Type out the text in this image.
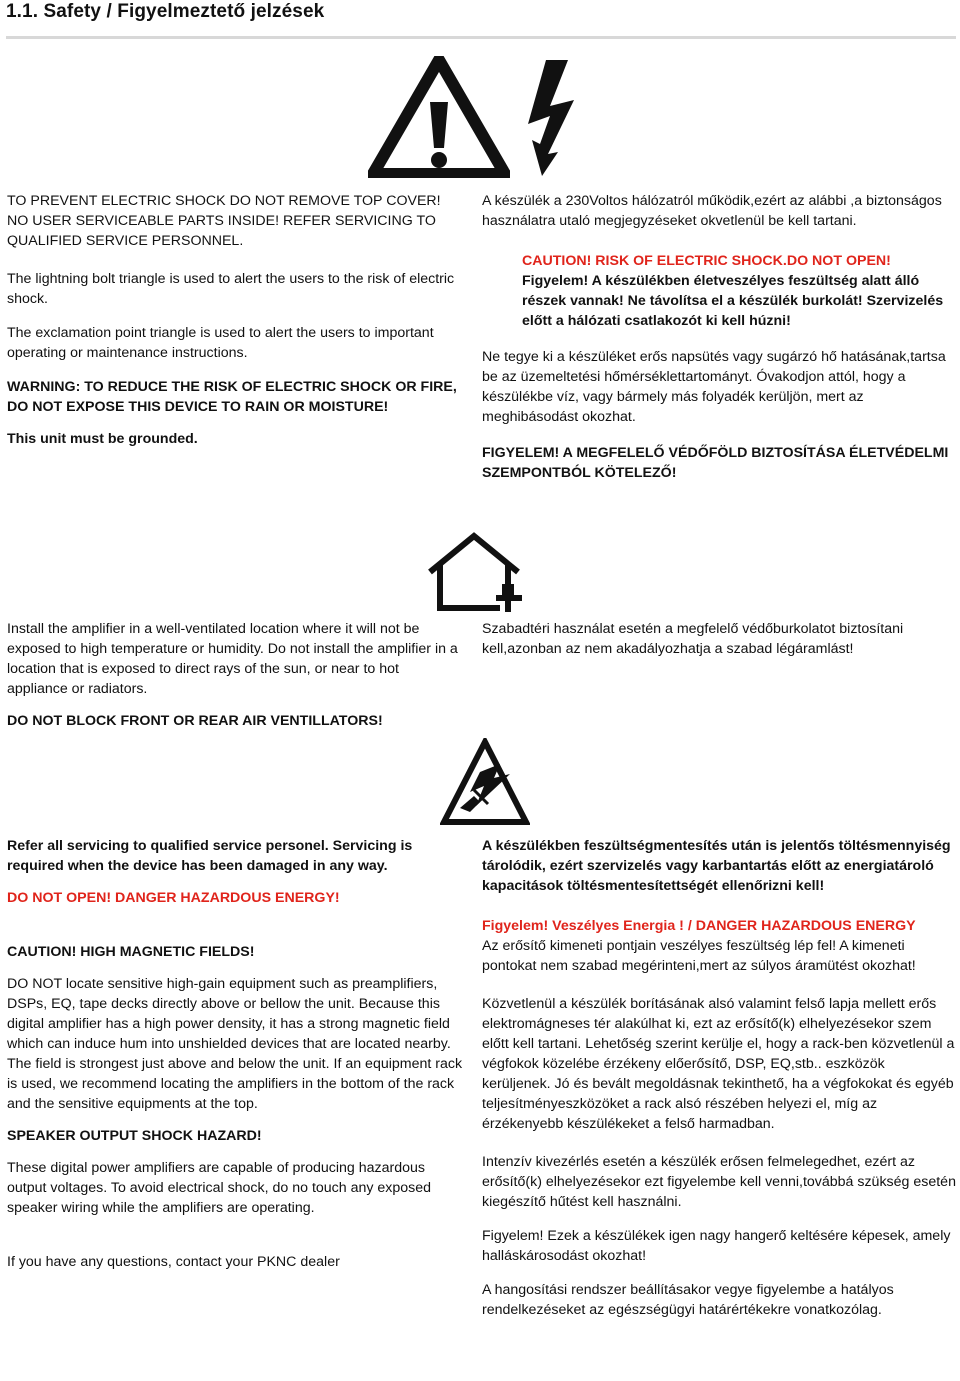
1.1. Safety / Figyelmeztető jelzések

TO PREVENT ELECTRIC SHOCK DO NOT REMOVE TOP COVER! NO USER SERVICEABLE PARTS INSIDE! REFER SERVICING TO QUALIFIED SERVICE PERSONNEL.

The lightning bolt triangle is used to alert the users to the risk of electric shock.

The exclamation point triangle is used to alert the users to important operating or maintenance instructions.

WARNING: TO REDUCE THE RISK OF ELECTRIC SHOCK OR FIRE, DO NOT EXPOSE THIS DEVICE TO RAIN OR MOISTURE!

This unit must be grounded.

A készülék a 230Voltos hálózatról működik,ezért az alábbi ,a biztonságos használatra utaló megjegyzéseket okvetlenül be kell tartani.

CAUTION! RISK OF ELECTRIC SHOCK.DO NOT OPEN!

Figyelem! A készülékben életveszélyes feszültség alatt álló részek vannak! Ne távolítsa el a készülék burkolát! Szervizelés előtt a hálózati csatlakozót ki kell húzni!

Ne tegye ki a készüléket erős napsütés vagy sugárzó hő hatásának,tartsa be az üzemeltetési hőmérséklettartományt. Óvakodjon attól, hogy a készülékbe víz, vagy bármely más folyadék kerüljön, mert az meghibásodást okozhat.

FIGYELEM! A MEGFELELŐ VÉDŐFÖLD BIZTOSÍTÁSA ÉLETVÉDELMI SZEMPONTBÓL KÖTELEZŐ!

Install the amplifier in a well-ventilated location where it will not be exposed to high temperature or humidity. Do not install the amplifier in a location that is exposed to direct rays of the sun, or near to hot appliance or radiators.

DO NOT BLOCK FRONT OR REAR AIR VENTILLATORS!

Szabadtéri használat esetén a megfelelő védőburkolatot biztosítani kell,azonban az nem akadályozhatja a szabad légáramlást!

Refer all servicing to qualified service personel. Servicing is required when the device has been damaged in any way.

DO NOT OPEN! DANGER HAZARDOUS ENERGY!

CAUTION! HIGH MAGNETIC FIELDS!

DO NOT locate sensitive high-gain equipment such as preamplifiers, DSPs, EQ, tape decks directly above or bellow the unit. Because this digital amplifier has a high power density, it has a strong magnetic field which can induce hum into unshielded devices that are located nearby. The field is strongest just above and below the unit. If an equipment rack is used, we recommend locating the amplifiers in the bottom of the rack and the sensitive equipments at the top.

SPEAKER OUTPUT SHOCK HAZARD!

These digital power amplifiers are capable of producing hazardous output voltages. To avoid electrical shock, do no touch any exposed speaker wiring while the amplifiers are operating.

If you have any questions, contact your PKNC dealer

A készülékben feszültségmentesítés után is jelentős töltésmennyiség tárolódik, ezért szervizelés vagy karbantartás előtt az energiatároló kapacitások töltésmentesítettségét ellenőrizni kell!

Figyelem! Veszélyes Energia ! / DANGER HAZARDOUS ENERGY

Az erősítő kimeneti pontjain veszélyes feszültség lép fel! A kimeneti pontokat nem szabad megérinteni,mert az súlyos áramütést okozhat!

Közvetlenül a készülék borításának alsó valamint felső lapja mellett erős elektromágneses tér alakúlhat ki, ezt az erősítő(k) elhelyezésekor szem előtt kell tartani. Lehetőség szerint kerülje el, hogy a rack-ben közvetlenül a végfokok közelébe érzékeny előerősítő, DSP, EQ,stb.. eszközök kerüljenek. Jó és bevált megoldásnak tekinthető, ha a végfokokat és egyéb teljesítményeszközöket a rack alsó részében helyezi el, míg az érzékenyebb készülékeket a felső harmadban.

Intenzív kivezérlés esetén a készülék erősen felmelegedhet, ezért az erősítő(k) elhelyezésekor ezt figyelembe kell venni,továbbá szükség esetén kiegészítő hűtést kell használni.

Figyelem! Ezek a készülékek igen nagy hangerő keltésére képesek, amely halláskárosodást okozhat!

A hangosítási rendszer beállításakor vegye figyelembe a hatályos rendelkezéseket az egészségügyi határértékekre vonatkozólag.
